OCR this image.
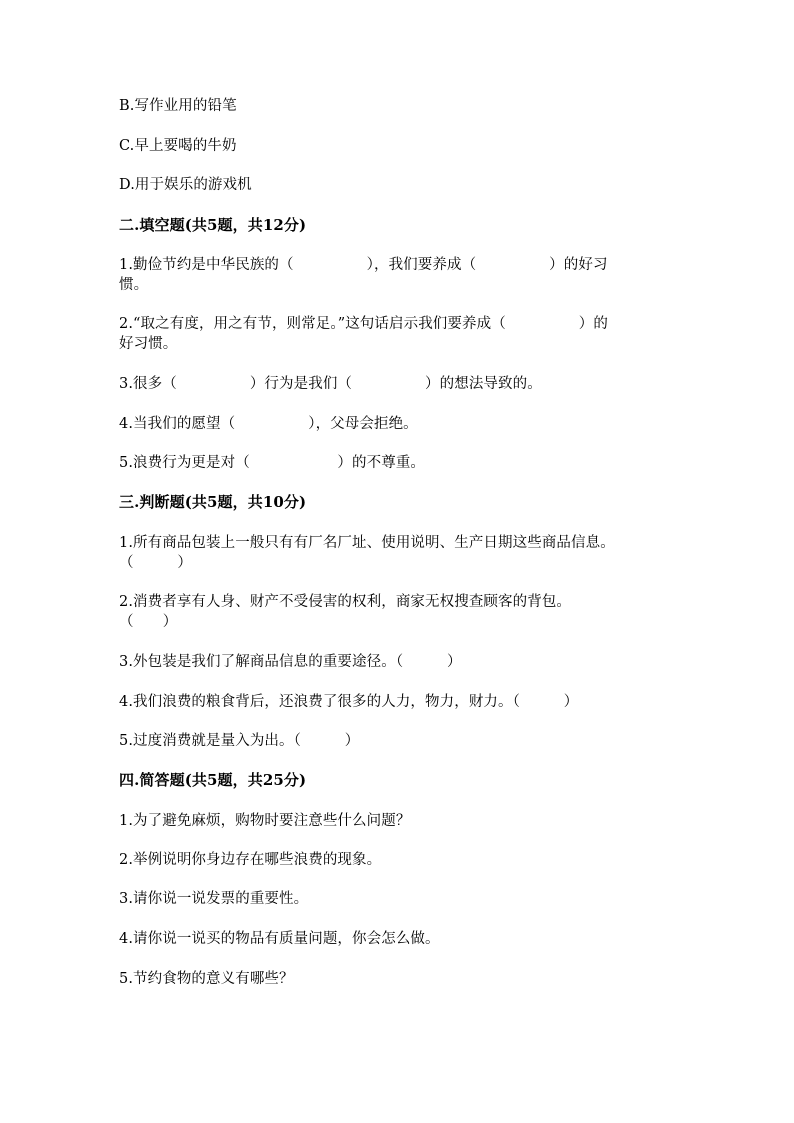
B.写作业用的铅笔
C.早上要喝的牛奶
D.用于娱乐的游戏机
二.填空题(共5题，共12分)
1.勤俭节约是中华民族的（　　　　　），我们要养成（　　　　　）的好习
惯。
2.“取之有度，用之有节，则常足。”这句话启示我们要养成（　　　　　）的
好习惯。
3.很多（　　　　　）行为是我们（　　　　　）的想法导致的。
4.当我们的愿望（　　　　　），父母会拒绝。
5.浪费行为更是对（　　　　　　）的不尊重。
三.判断题(共5题，共10分)
1.所有商品包装上一般只有有厂名厂址、使用说明、生产日期这些商品信息。
（　　　）
2.消费者享有人身、财产不受侵害的权利，商家无权搜查顾客的背包。
（　　）
3.外包装是我们了解商品信息的重要途径。（　　　）
4.我们浪费的粮食背后，还浪费了很多的人力，物力，财力。（　　　）
5.过度消费就是量入为出。（　　　）
四.简答题(共5题，共25分)
1.为了避免麻烦，购物时要注意些什么问题？
2.举例说明你身边存在哪些浪费的现象。
3.请你说一说发票的重要性。
4.请你说一说买的物品有质量问题，你会怎么做。
5.节约食物的意义有哪些？
